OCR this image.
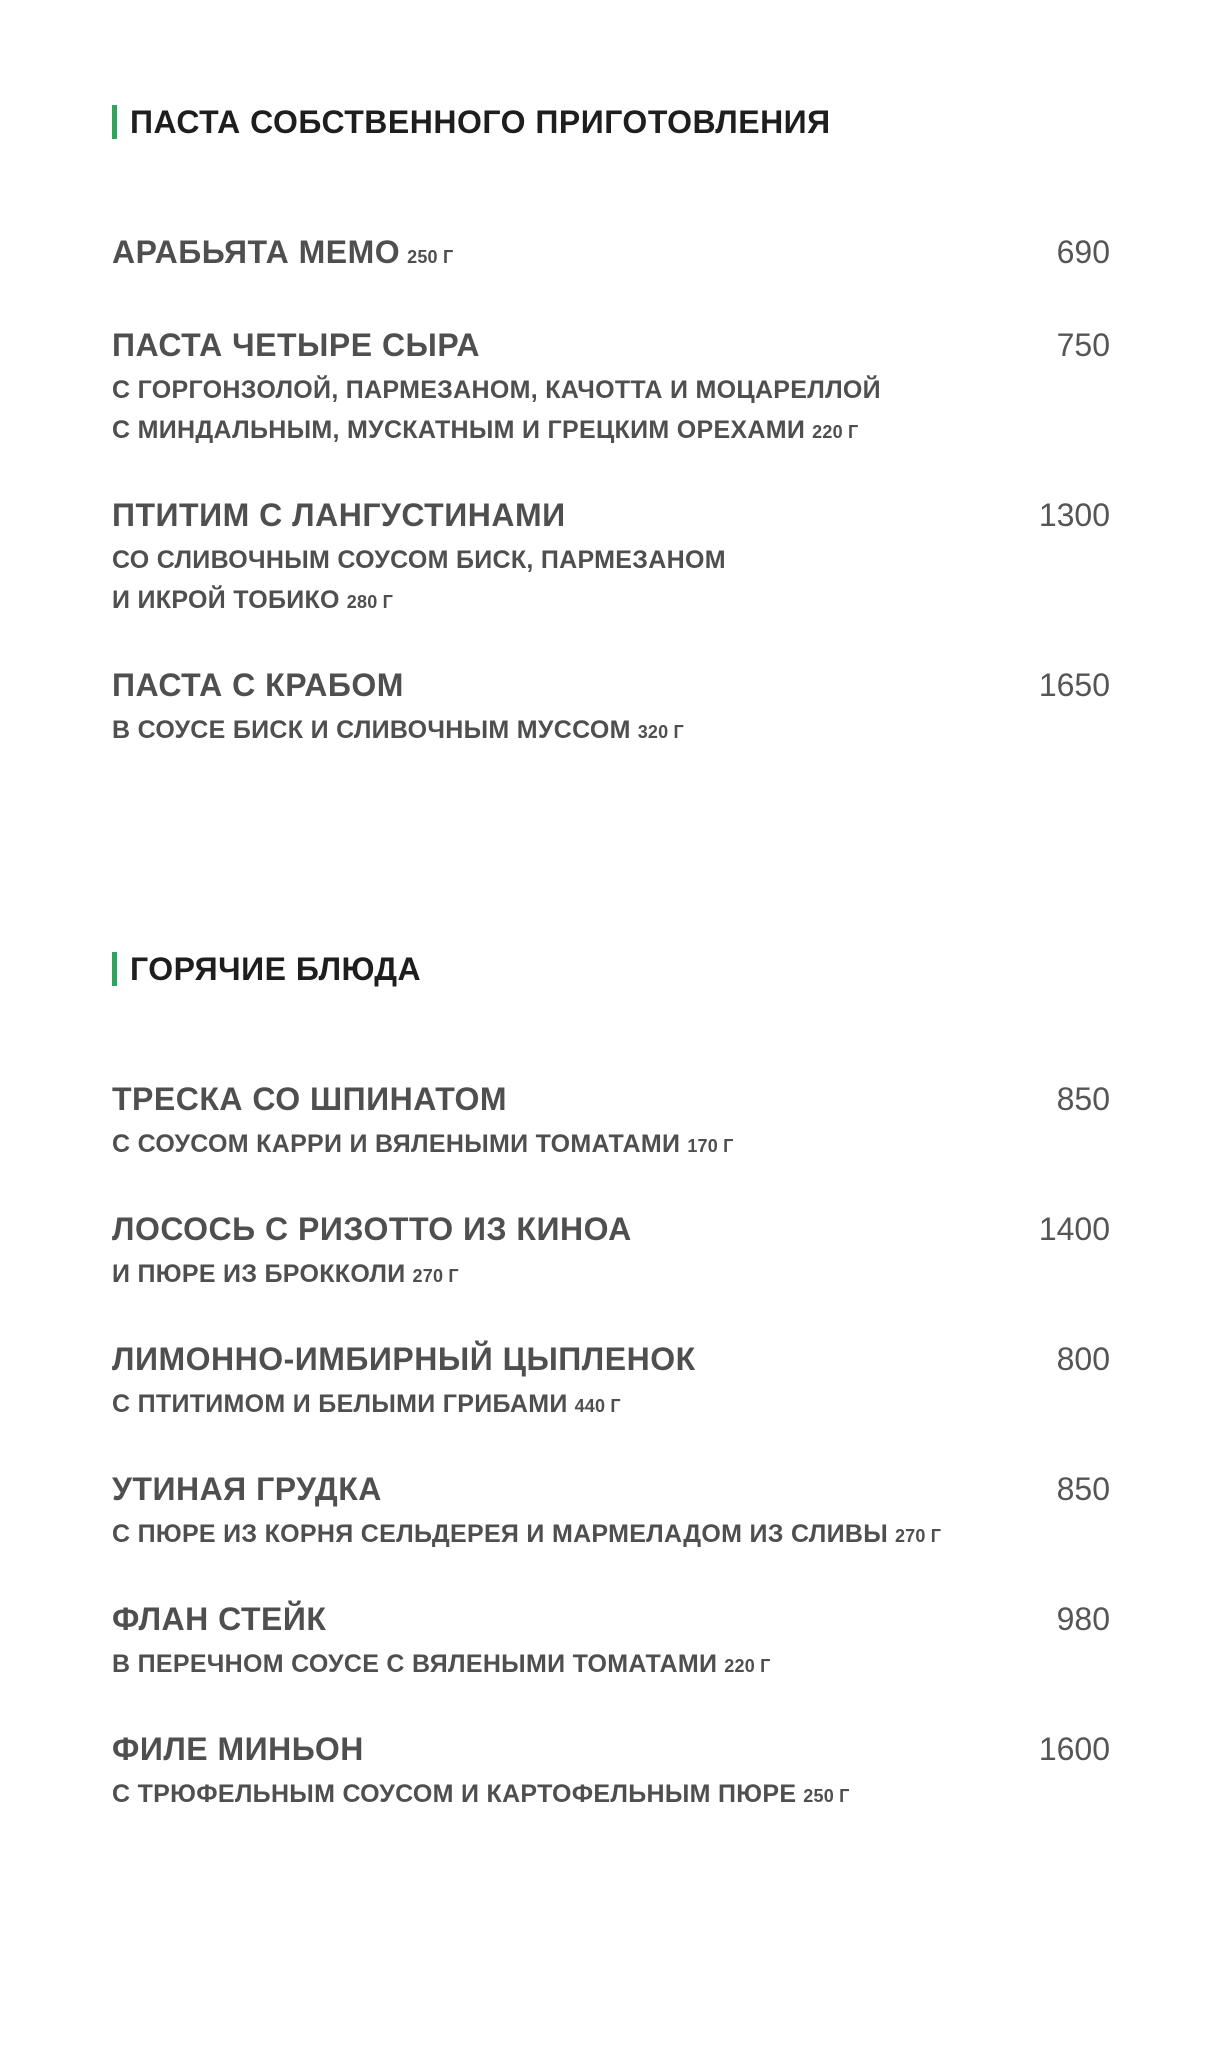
ПАСТА СОБСТВЕННОГО ПРИГОТОВЛЕНИЯ
АРАБЬЯТА МЕМО 250 Г	690
ПАСТА ЧЕТЫРЕ СЫРА	750
С ГОРГОНЗОЛОЙ, ПАРМЕЗАНОМ, КАЧОТТА И МОЦАРЕЛЛОЙ
С МИНДАЛЬНЫМ, МУСКАТНЫМ И ГРЕЦКИМ ОРЕХАМИ 220 Г
ПТИТИМ С ЛАНГУСТИНАМИ	1300
СО СЛИВОЧНЫМ СОУСОМ БИСК, ПАРМЕЗАНОМ
И ИКРОЙ ТОБИКО 280 Г
ПАСТА С КРАБОМ	1650
В СОУСЕ БИСК И СЛИВОЧНЫМ МУССОМ 320 Г
ГОРЯЧИЕ БЛЮДА
ТРЕСКА СО ШПИНАТОМ	850
С СОУСОМ КАРРИ И ВЯЛЕНЫМИ ТОМАТАМИ 170 Г
ЛОСОСЬ С РИЗОТТО ИЗ КИНОА	1400
И ПЮРЕ ИЗ БРОККОЛИ 270 Г
ЛИМОННО-ИМБИРНЫЙ ЦЫПЛЕНОК	800
С ПТИТИМОМ И БЕЛЫМИ ГРИБАМИ 440 Г
УТИНАЯ ГРУДКА	850
С ПЮРЕ ИЗ КОРНЯ СЕЛЬДЕРЕЯ И МАРМЕЛАДОМ ИЗ СЛИВЫ 270 Г
ФЛАН СТЕЙК	980
В ПЕРЕЧНОМ СОУСЕ С ВЯЛЕНЫМИ ТОМАТАМИ 220 Г
ФИЛЕ МИНЬОН	1600
С ТРЮФЕЛЬНЫМ СОУСОМ И КАРТОФЕЛЬНЫМ ПЮРЕ 250 Г
